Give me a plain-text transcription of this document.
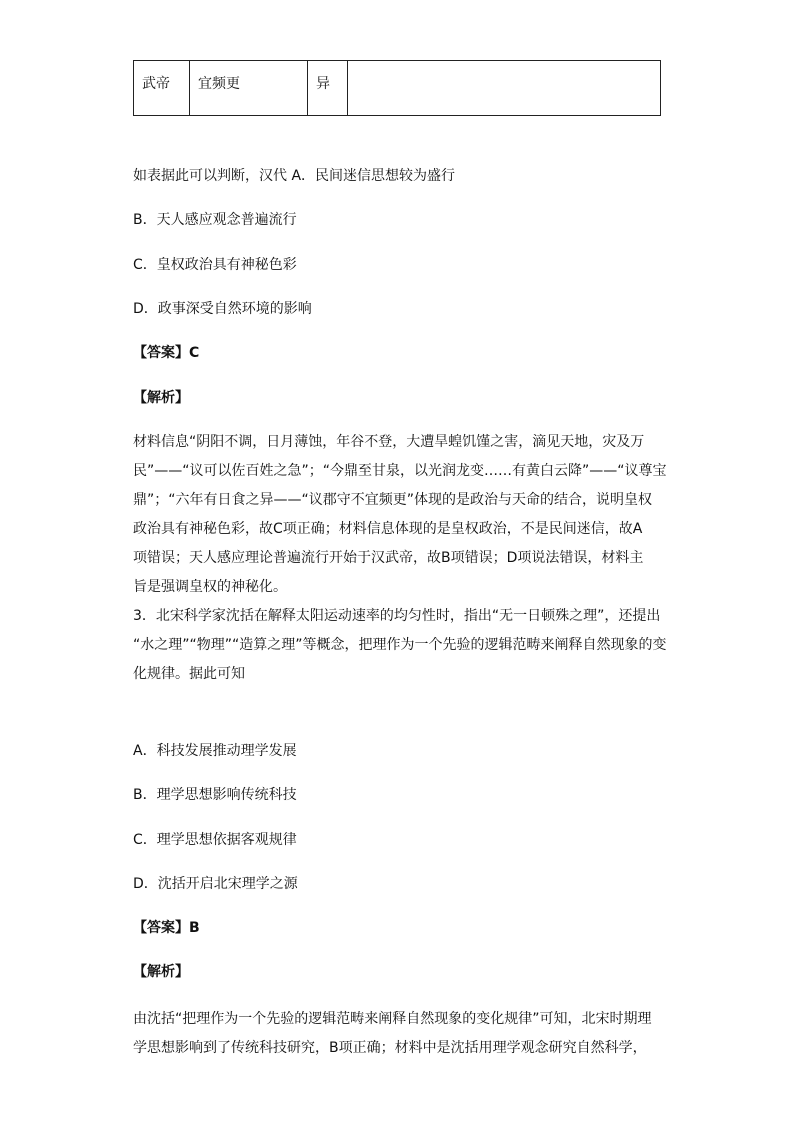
武帝	宜频更	异	

如表据此可以判断，汉代 A．民间迷信思想较为盛行

B．天人感应观念普遍流行

C．皇权政治具有神秘色彩

D．政事深受自然环境的影响

【答案】C

【解析】

材料信息“阴阳不调，日月薄蚀，年谷不登，大遭旱蝗饥馑之害，滴见天地，灾及万
民”——“议可以佐百姓之急”；“今鼎至甘泉，以光润龙变……有黄白云降”——“议尊宝
鼎”；“六年有日食之异——“议郡守不宜频更”体现的是政治与天命的结合，说明皇权
政治具有神秘色彩，故C项正确；材料信息体现的是皇权政治，不是民间迷信，故A
项错误；天人感应理论普遍流行开始于汉武帝，故B项错误；D项说法错误，材料主
旨是强调皇权的神秘化。
3．北宋科学家沈括在解释太阳运动速率的均匀性时，指出“无一日顿殊之理”，还提出
“水之理”“物理”“造算之理”等概念，把理作为一个先验的逻辑范畴来阐释自然现象的变
化规律。据此可知

A．科技发展推动理学发展

B．理学思想影响传统科技

C．理学思想依据客观规律

D．沈括开启北宋理学之源

【答案】B

【解析】

由沈括“把理作为一个先验的逻辑范畴来阐释自然现象的变化规律”可知，北宋时期理
学思想影响到了传统科技研究，B项正确；材料中是沈括用理学观念研究自然科学，
